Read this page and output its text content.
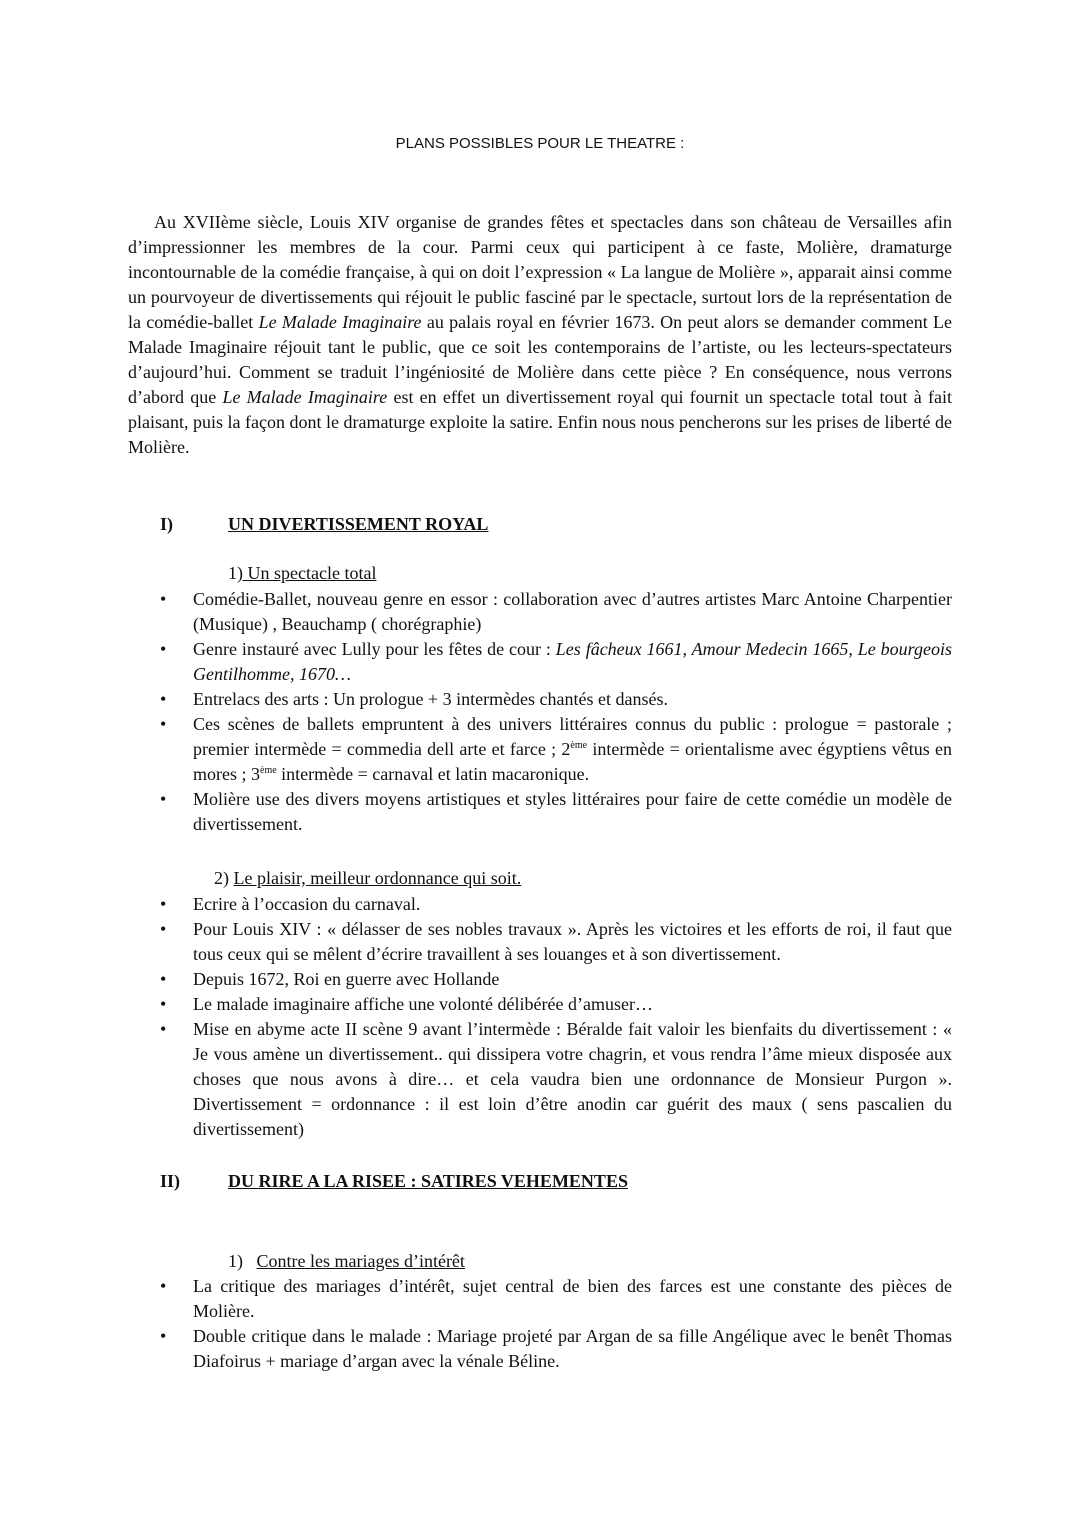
PLANS POSSIBLES POUR LE THEATRE :

Au XVIIème siècle, Louis XIV organise de grandes fêtes et spectacles dans son château de Versailles afin d’impressionner les membres de la cour. Parmi ceux qui participent à ce faste, Molière, dramaturge incontournable de la comédie française, à qui on doit l’expression « La langue de Molière », apparait ainsi comme un pourvoyeur de divertissements qui réjouit le public fasciné par le spectacle, surtout lors de la représentation de la comédie-ballet Le Malade Imaginaire au palais royal en février 1673. On peut alors se demander comment Le Malade Imaginaire réjouit tant le public, que ce soit les contemporains de l’artiste, ou les lecteurs-spectateurs d’aujourd’hui. Comment se traduit l’ingéniosité de Molière dans cette pièce ? En conséquence, nous verrons d’abord que Le Malade Imaginaire est en effet un divertissement royal qui fournit un spectacle total tout à fait plaisant, puis la façon dont le dramaturge exploite la satire. Enfin nous nous pencherons sur les prises de liberté de Molière.

I)	UN DIVERTISSEMENT ROYAL
1) Un spectacle total
• Comédie-Ballet, nouveau genre en essor : collaboration avec d’autres artistes Marc Antoine Charpentier (Musique) , Beauchamp ( chorégraphie)
• Genre instauré avec Lully pour les fêtes de cour : Les fâcheux 1661, Amour Medecin 1665, Le bourgeois Gentilhomme, 1670…
• Entrelacs des arts : Un prologue + 3 intermèdes chantés et dansés.
• Ces scènes de ballets empruntent à des univers littéraires connus du public : prologue = pastorale ; premier intermède = commedia dell arte et farce ; 2ème intermède = orientalisme avec égyptiens vêtus en mores ; 3ème intermède = carnaval et latin macaronique.
• Molière use des divers moyens artistiques et styles littéraires pour faire de cette comédie un modèle de divertissement.
2) Le plaisir, meilleur ordonnance qui soit.
• Ecrire à l’occasion du carnaval.
• Pour Louis XIV : « délasser de ses nobles travaux ». Après les victoires et les efforts de roi, il faut que tous ceux qui se mêlent d’écrire travaillent à ses louanges et à son divertissement.
• Depuis 1672, Roi en guerre avec Hollande
• Le malade imaginaire affiche une volonté délibérée d’amuser…
• Mise en abyme acte II scène 9 avant l’intermède : Béralde fait valoir les bienfaits du divertissement : « Je vous amène un divertissement.. qui dissipera votre chagrin, et vous rendra l’âme mieux disposée aux choses que nous avons à dire… et cela vaudra bien une ordonnance de Monsieur Purgon ». Divertissement = ordonnance : il est loin d’être anodin car guérit des maux ( sens pascalien du divertissement)
II)	DU RIRE A LA RISEE : SATIRES VEHEMENTES
1) Contre les mariages d’intérêt
• La critique des mariages d’intérêt, sujet central de bien des farces est une constante des pièces de Molière.
• Double critique dans le malade : Mariage projeté par Argan de sa fille Angélique avec le benêt Thomas Diafoirus + mariage d’argan avec la vénale Béline.
